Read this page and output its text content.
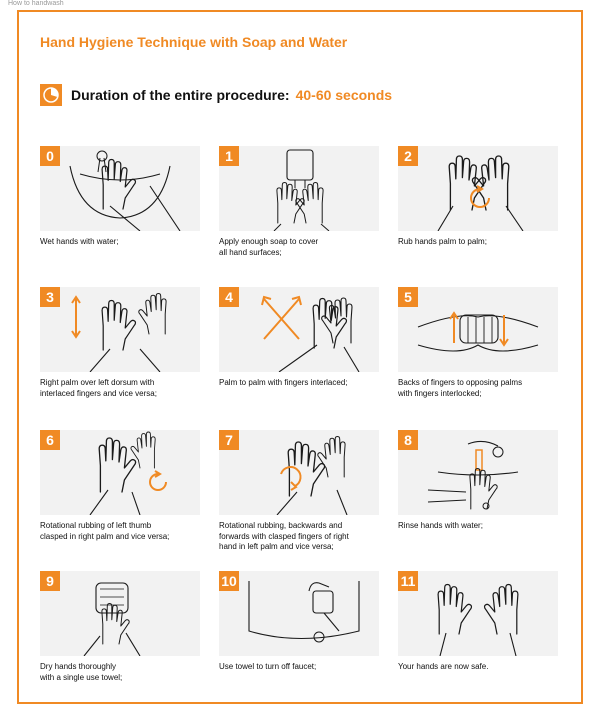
How to handwash
Hand Hygiene Technique with Soap and Water
Duration of the entire procedure: 40-60 seconds
0
Wet hands with water;
1
Apply enough soap to cover
all hand surfaces;
2
Rub hands palm to palm;
3
Right palm over left dorsum with
interlaced fingers and vice versa;
4
Palm to palm with fingers interlaced;
5
Backs of fingers to opposing palms
with fingers interlocked;
6
Rotational rubbing of left thumb
clasped in right palm and vice versa;
7
Rotational rubbing, backwards and
forwards with clasped fingers of right
hand in left palm and vice versa;
8
Rinse hands with water;
9
Dry hands thoroughly
with a single use towel;
10
Use towel to turn off faucet;
11
Your hands are now safe.
